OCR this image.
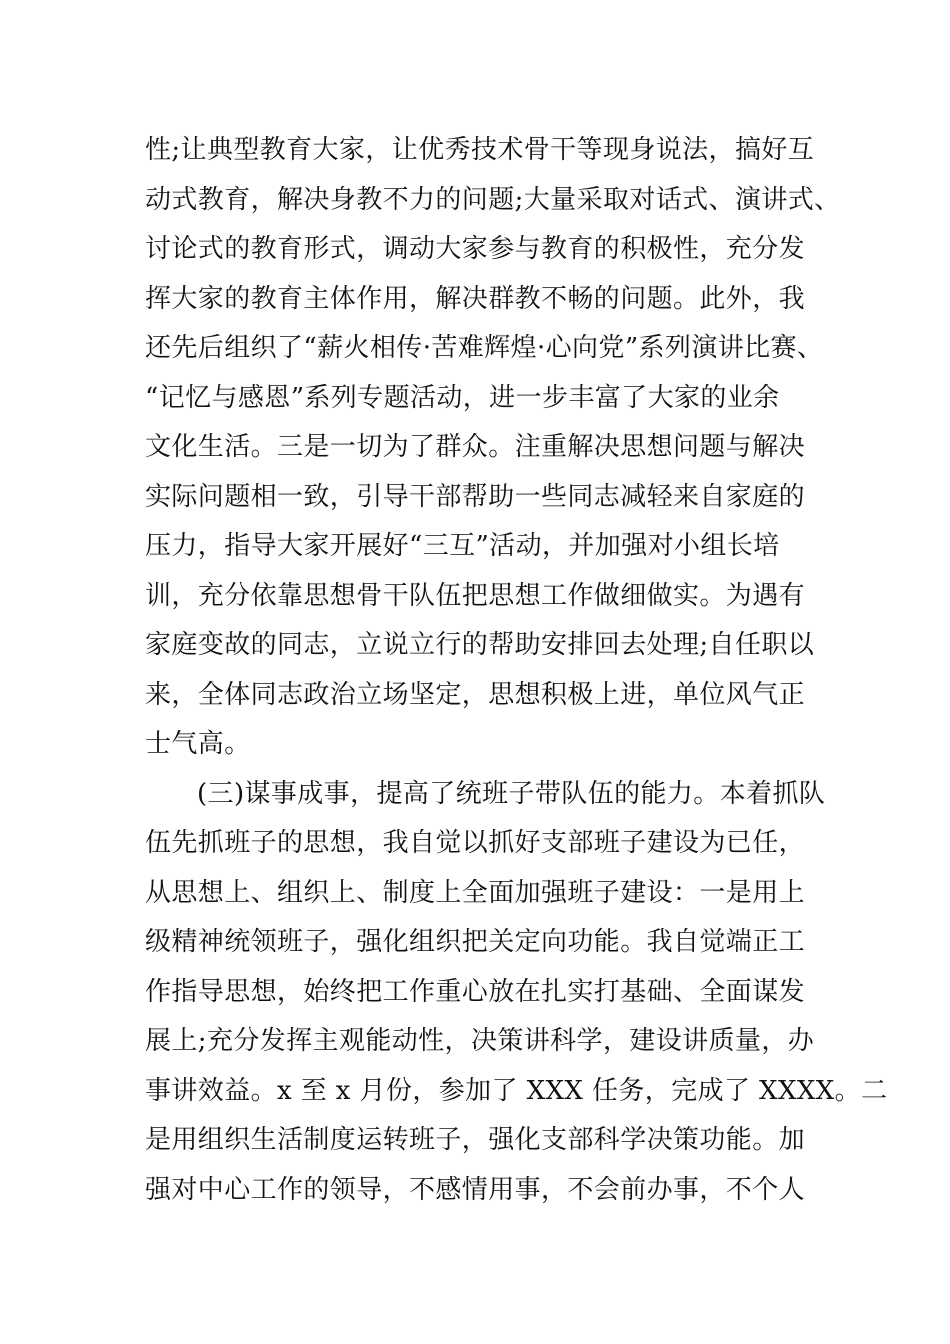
性;让典型教育大家，让优秀技术骨干等现身说法，搞好互
动式教育，解决身教不力的问题;大量采取对话式、演讲式、
讨论式的教育形式，调动大家参与教育的积极性，充分发
挥大家的教育主体作用，解决群教不畅的问题。此外，我
还先后组织了“薪火相传·苦难辉煌·心向党”系列演讲比赛、
“记忆与感恩”系列专题活动，进一步丰富了大家的业余
文化生活。三是一切为了群众。注重解决思想问题与解决
实际问题相一致，引导干部帮助一些同志减轻来自家庭的
压力，指导大家开展好“三互”活动，并加强对小组长培
训，充分依靠思想骨干队伍把思想工作做细做实。为遇有
家庭变故的同志，立说立行的帮助安排回去处理;自任职以
来，全体同志政治立场坚定，思想积极上进，单位风气正
士气高。
(三)谋事成事，提高了统班子带队伍的能力。本着抓队
伍先抓班子的思想，我自觉以抓好支部班子建设为已任，
从思想上、组织上、制度上全面加强班子建设：一是用上
级精神统领班子，强化组织把关定向功能。我自觉端正工
作指导思想，始终把工作重心放在扎实打基础、全面谋发
展上;充分发挥主观能动性，决策讲科学，建设讲质量，办
事讲效益。x 至 x 月份，参加了 XXX 任务，完成了 XXXX。二
是用组织生活制度运转班子，强化支部科学决策功能。加
强对中心工作的领导，不感情用事，不会前办事，不个人
